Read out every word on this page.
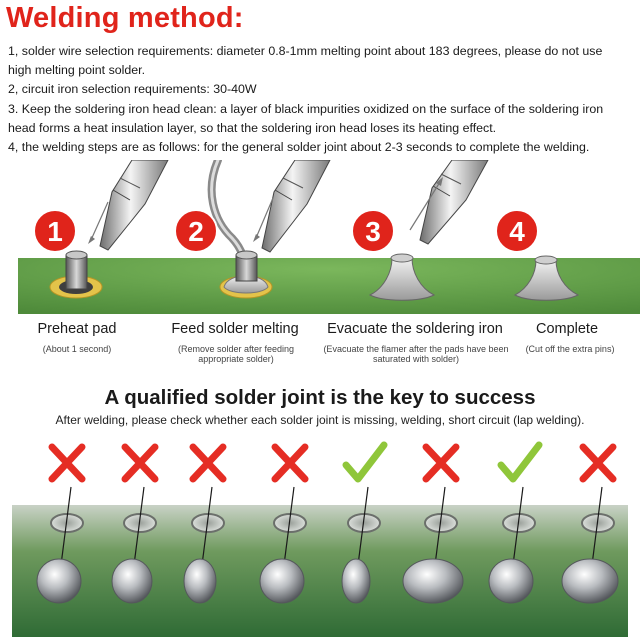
Welding method:

1, solder wire selection requirements: diameter 0.8-1mm melting point about 183 degrees, please do not use

high melting point solder.

2, circuit iron selection requirements: 30-40W

3. Keep the soldering iron head clean: a layer of black impurities oxidized on the surface of the soldering iron

head forms a heat insulation layer, so that the soldering iron head loses its heating effect.

4, the welding steps are as follows: for the general solder joint about 2-3 seconds to complete the welding.

1	2	3	4
Preheat pad
(About 1 second)
Feed solder melting
(Remove solder after feeding appropriate solder)
Evacuate the soldering iron
(Evacuate the flamer after the pads have been saturated with solder)
Complete
(Cut off the extra pins)
A qualified solder joint is the key to success
After welding, please check whether each solder joint is missing, welding, short circuit (lap welding).
